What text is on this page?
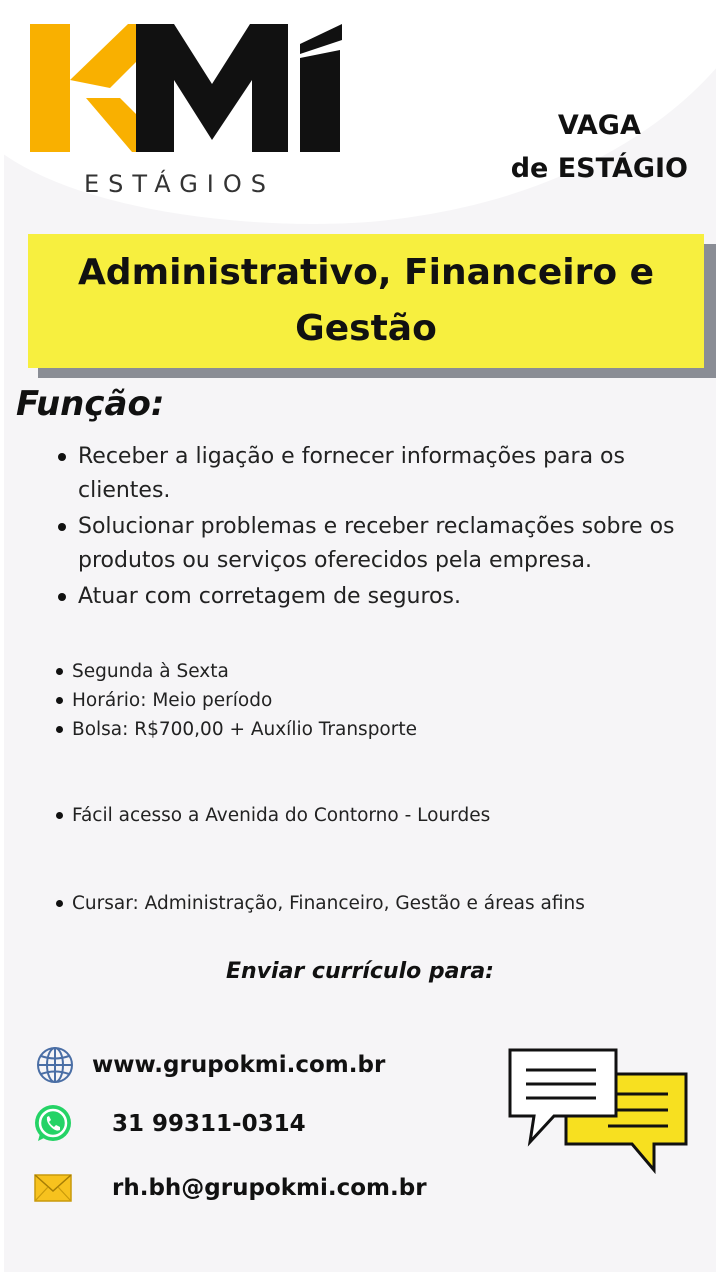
ESTÁGIOS
VAGA
de ESTÁGIO
Administrativo, Financeiro e Gestão
Função:
Receber a ligação e fornecer informações para os clientes.
Solucionar problemas e receber reclamações sobre os produtos ou serviços oferecidos pela empresa.
Atuar com corretagem de seguros.
Segunda à Sexta
Horário: Meio período
Bolsa: R$700,00 + Auxílio Transporte
Fácil acesso a Avenida do Contorno - Lourdes
Cursar: Administração, Financeiro, Gestão e áreas afins
Enviar currículo para:
www.grupokmi.com.br
31 99311-0314
rh.bh@grupokmi.com.br
